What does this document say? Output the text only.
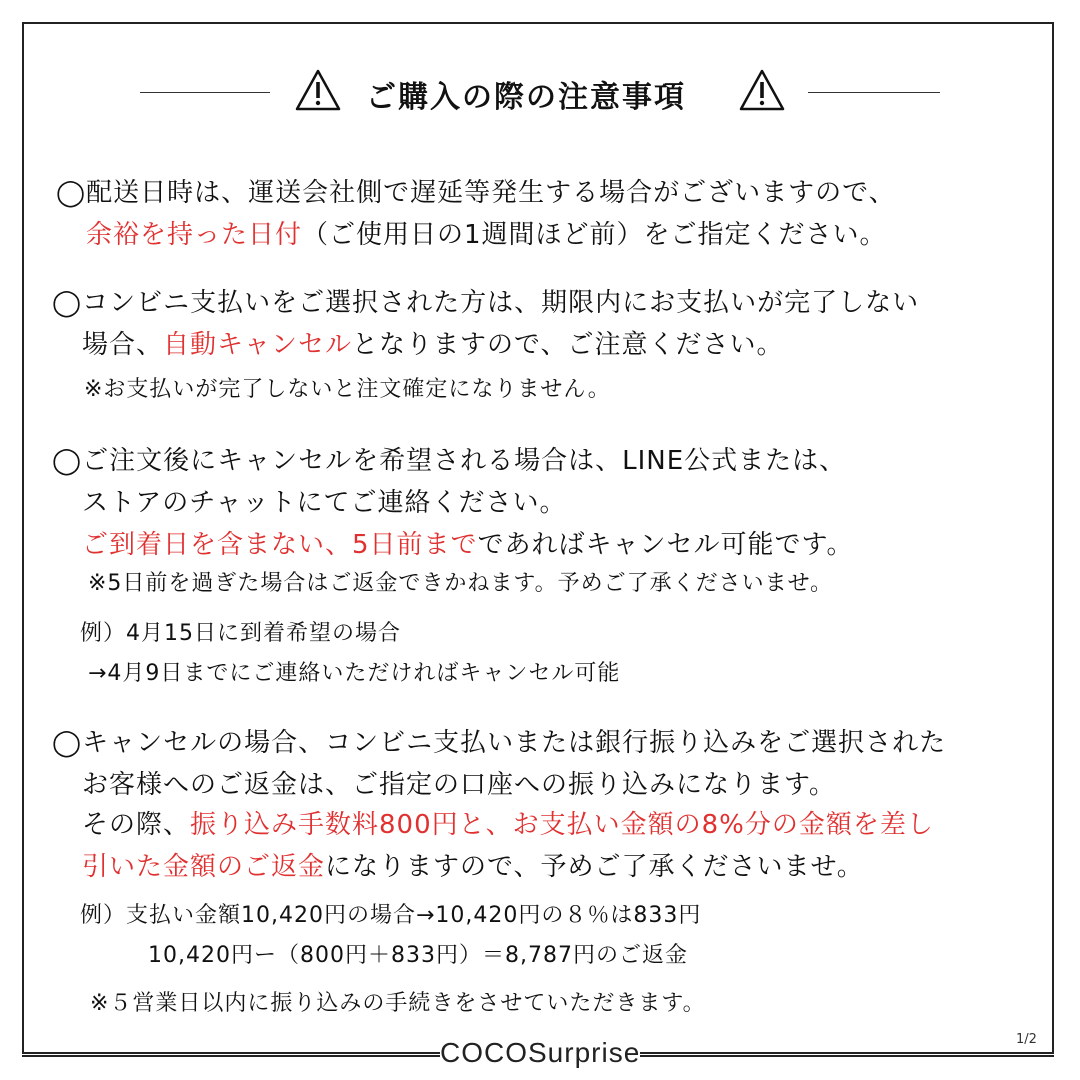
ご購入の際の注意事項
◯配送日時は、運送会社側で遅延等発生する場合がございますので、
余裕を持った日付（ご使用日の1週間ほど前）をご指定ください。
◯コンビニ支払いをご選択された方は、期限内にお支払いが完了しない
場合、自動キャンセルとなりますので、ご注意ください。
※お支払いが完了しないと注文確定になりません。
◯ご注文後にキャンセルを希望される場合は、LINE公式または、
ストアのチャットにてご連絡ください。
ご到着日を含まない、5日前までであればキャンセル可能です。
※5日前を過ぎた場合はご返金できかねます。予めご了承くださいませ。
例）4月15日に到着希望の場合
→4月9日までにご連絡いただければキャンセル可能
◯キャンセルの場合、コンビニ支払いまたは銀行振り込みをご選択された
お客様へのご返金は、ご指定の口座への振り込みになります。
その際、振り込み手数料800円と、お支払い金額の8%分の金額を差し
引いた金額のご返金になりますので、予めご了承くださいませ。
例）支払い金額10,420円の場合→10,420円の８％は833円
10,420円ー（800円＋833円）＝8,787円のご返金
※５営業日以内に振り込みの手続きをさせていただきます。
COCOSurprise	1/2
